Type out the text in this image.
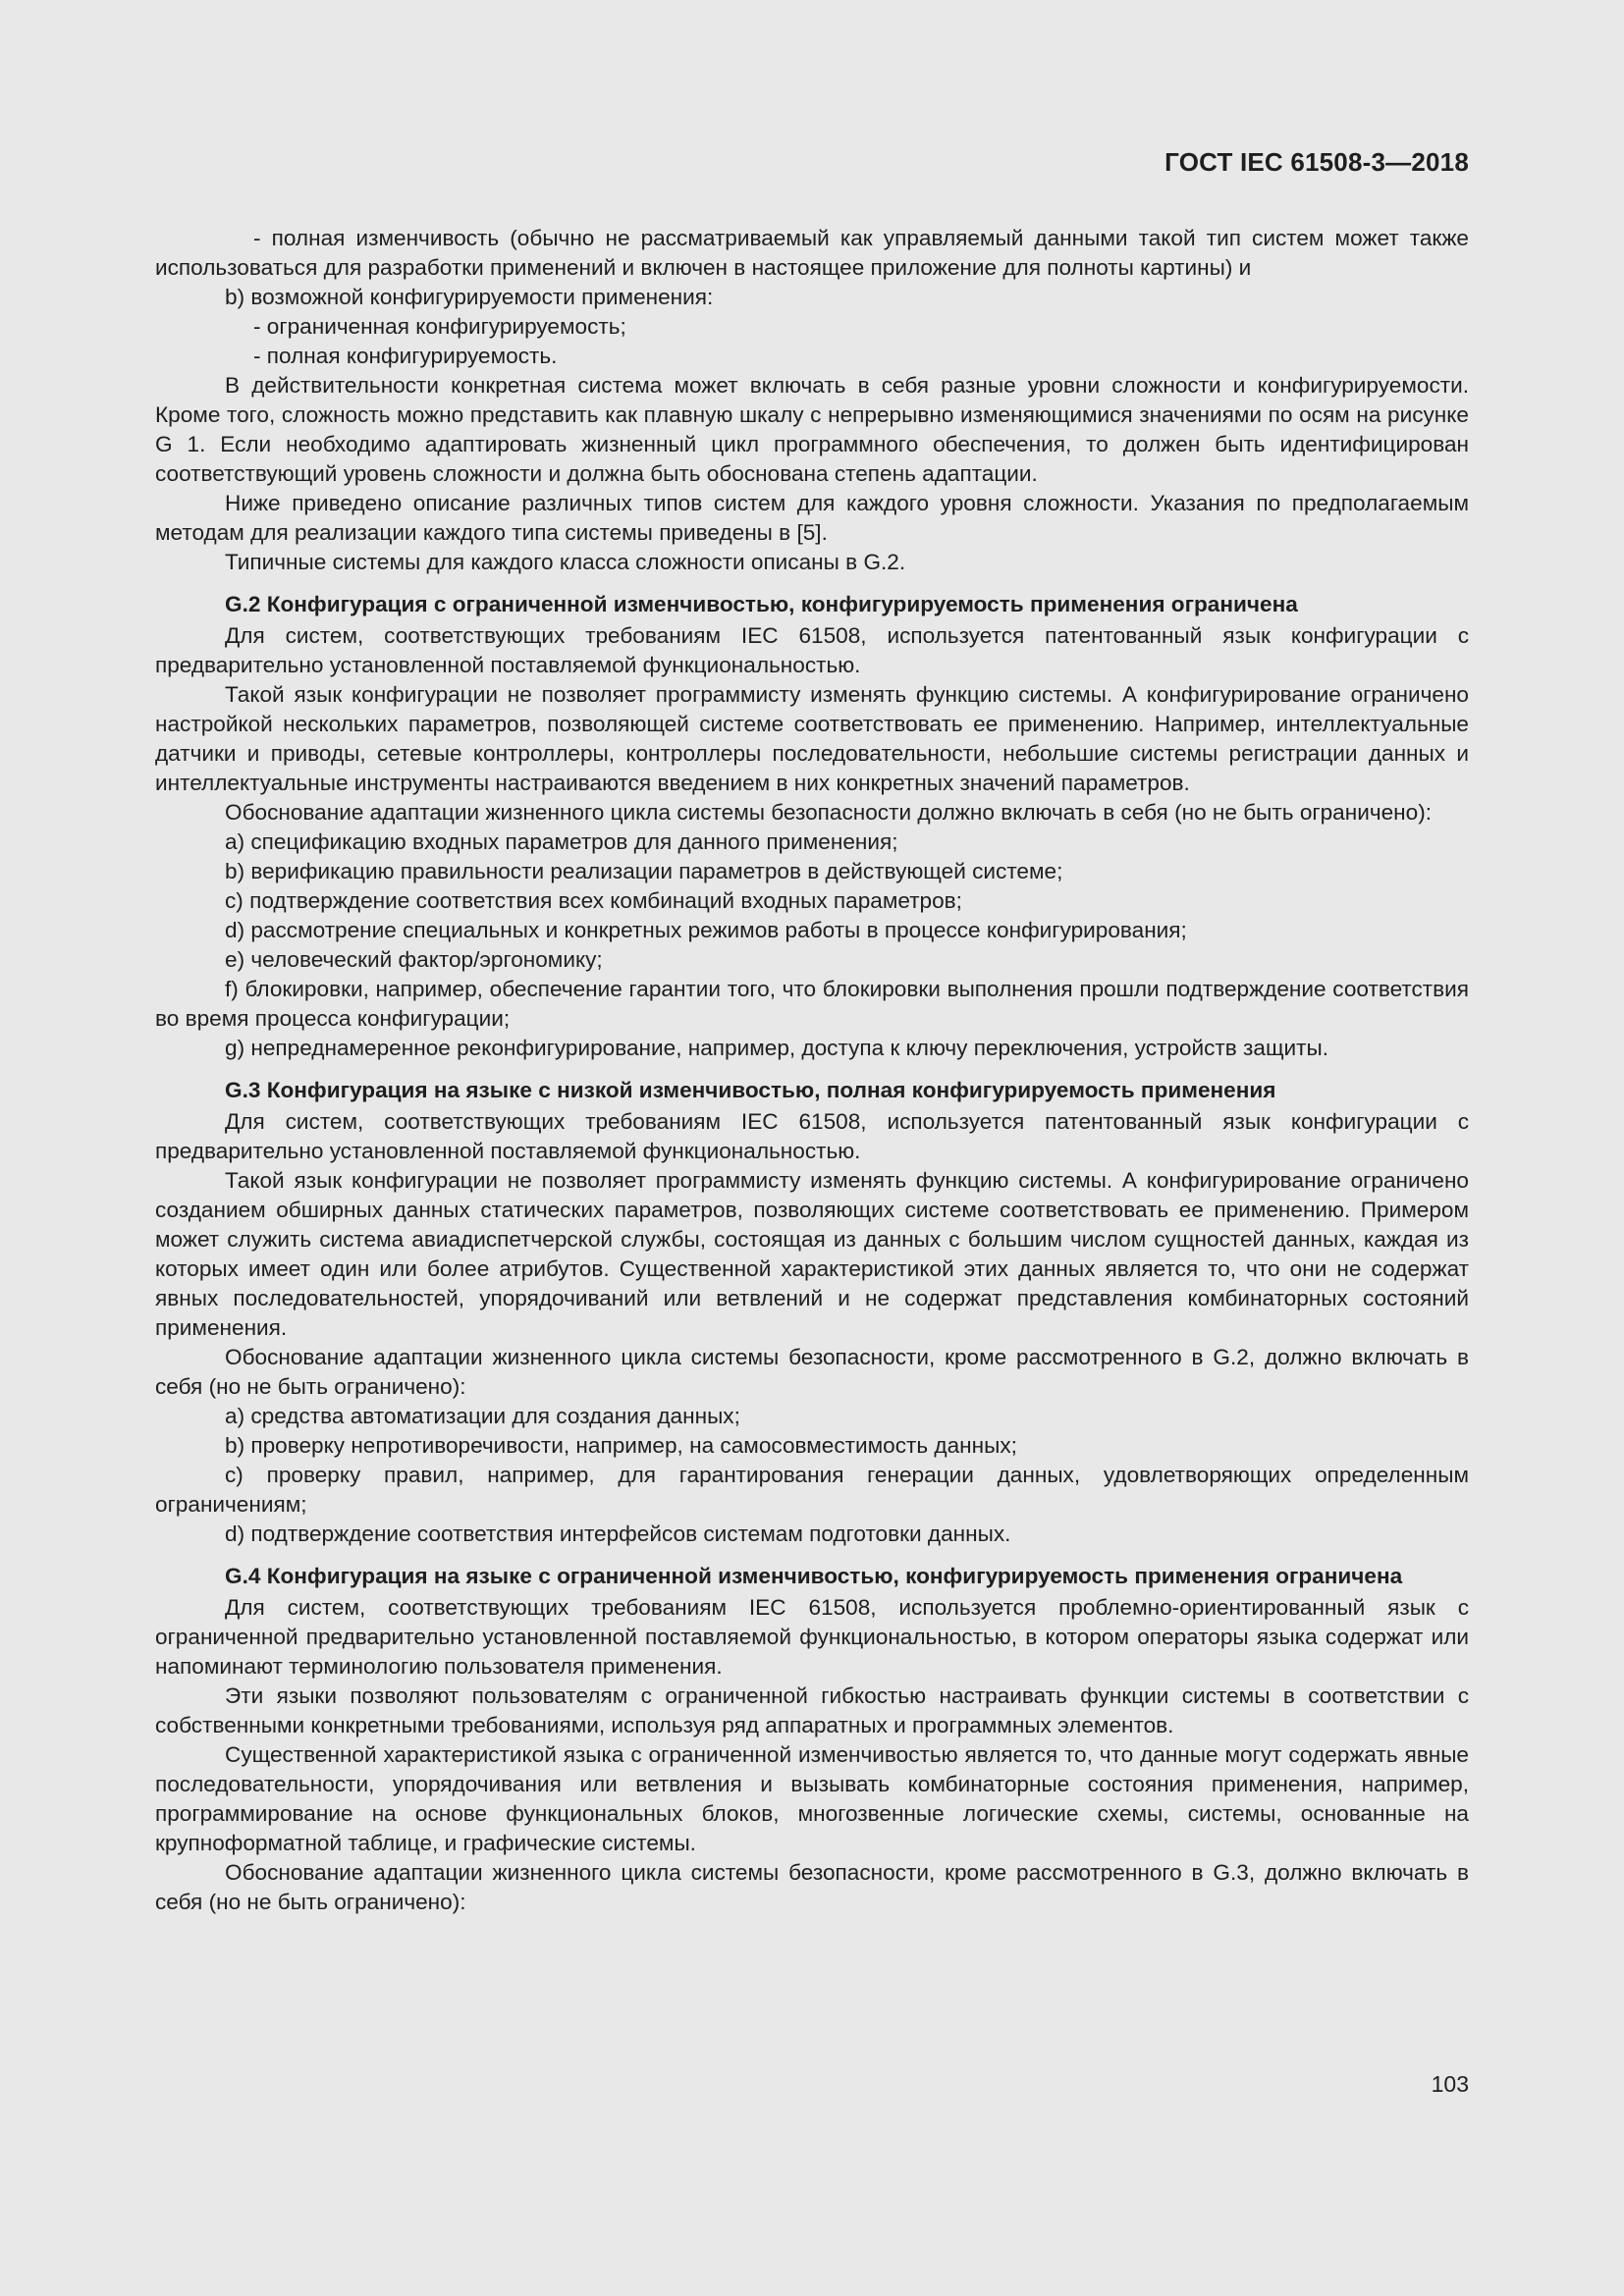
ГОСТ IEC 61508-3—2018

- полная изменчивость (обычно не рассматриваемый как управляемый данными такой тип систем может также использоваться для разработки применений и включен в настоящее приложение для полноты картины) и

b) возможной конфигурируемости применения:

- ограниченная конфигурируемость;

- полная конфигурируемость.

В действительности конкретная система может включать в себя разные уровни сложности и конфигурируемости. Кроме того, сложность можно представить как плавную шкалу с непрерывно изменяющимися значениями по осям на рисунке G 1. Если необходимо адаптировать жизненный цикл программного обеспечения, то должен быть идентифицирован соответствующий уровень сложности и должна быть обоснована степень адаптации.

Ниже приведено описание различных типов систем для каждого уровня сложности. Указания по предполагаемым методам для реализации каждого типа системы приведены в [5].

Типичные системы для каждого класса сложности описаны в G.2.

G.2 Конфигурация с ограниченной изменчивостью, конфигурируемость применения ограничена

Для систем, соответствующих требованиям IEC 61508, используется патентованный язык конфигурации с предварительно установленной поставляемой функциональностью.

Такой язык конфигурации не позволяет программисту изменять функцию системы. А конфигурирование ограничено настройкой нескольких параметров, позволяющей системе соответствовать ее применению. Например, интеллектуальные датчики и приводы, сетевые контроллеры, контроллеры последовательности, небольшие системы регистрации данных и интеллектуальные инструменты настраиваются введением в них конкретных значений параметров.

Обоснование адаптации жизненного цикла системы безопасности должно включать в себя (но не быть ограничено):

a) спецификацию входных параметров для данного применения;

b) верификацию правильности реализации параметров в действующей системе;

c) подтверждение соответствия всех комбинаций входных параметров;

d) рассмотрение специальных и конкретных режимов работы в процессе конфигурирования;

e) человеческий фактор/эргономику;

f) блокировки, например, обеспечение гарантии того, что блокировки выполнения прошли подтверждение соответствия во время процесса конфигурации;

g) непреднамеренное реконфигурирование, например, доступа к ключу переключения, устройств защиты.

G.3 Конфигурация на языке с низкой изменчивостью, полная конфигурируемость применения

Для систем, соответствующих требованиям IEC 61508, используется патентованный язык конфигурации с предварительно установленной поставляемой функциональностью.

Такой язык конфигурации не позволяет программисту изменять функцию системы. А конфигурирование ограничено созданием обширных данных статических параметров, позволяющих системе соответствовать ее применению. Примером может служить система авиадиспетчерской службы, состоящая из данных с большим числом сущностей данных, каждая из которых имеет один или более атрибутов. Существенной характеристикой этих данных является то, что они не содержат явных последовательностей, упорядочиваний или ветвлений и не содержат представления комбинаторных состояний применения.

Обоснование адаптации жизненного цикла системы безопасности, кроме рассмотренного в G.2, должно включать в себя (но не быть ограничено):

a) средства автоматизации для создания данных;

b) проверку непротиворечивости, например, на самосовместимость данных;

c) проверку правил, например, для гарантирования генерации данных, удовлетворяющих определенным ограничениям;

d) подтверждение соответствия интерфейсов системам подготовки данных.

G.4 Конфигурация на языке с ограниченной изменчивостью, конфигурируемость применения ограничена

Для систем, соответствующих требованиям IEC 61508, используется проблемно-ориентированный язык с ограниченной предварительно установленной поставляемой функциональностью, в котором операторы языка содержат или напоминают терминологию пользователя применения.

Эти языки позволяют пользователям с ограниченной гибкостью настраивать функции системы в соответствии с собственными конкретными требованиями, используя ряд аппаратных и программных элементов.

Существенной характеристикой языка с ограниченной изменчивостью является то, что данные могут содержать явные последовательности, упорядочивания или ветвления и вызывать комбинаторные состояния применения, например, программирование на основе функциональных блоков, многозвенные логические схемы, системы, основанные на крупноформатной таблице, и графические системы.

Обоснование адаптации жизненного цикла системы безопасности, кроме рассмотренного в G.3, должно включать в себя (но не быть ограничено):

103
